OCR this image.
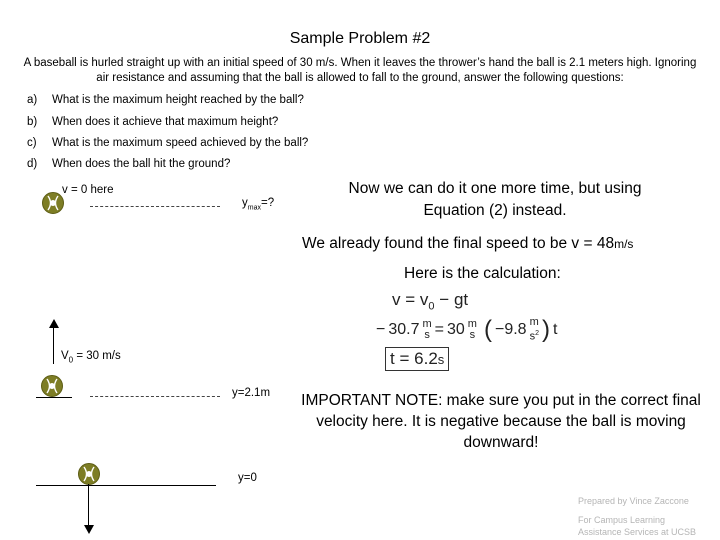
Sample Problem #2
A baseball is hurled straight up with an initial speed of 30 m/s. When it leaves the thrower’s hand the ball is 2.1 meters high. Ignoring air resistance and assuming that the ball is allowed to fall to the ground, answer the following questions:
a) What is the maximum height reached by the ball?
b) When does it achieve that maximum height?
c) What is the maximum speed achieved by the ball?
d) When does the ball hit the ground?
v = 0 here
$y_{max}=$?
$V_0 = 30$ m/s
y=2.1m
y=0
Now we can do it one more time, but using
Equation (2) instead.
We already found the final speed to be v = 48m/s
Here is the calculation:
$v = v_0$ − gt
− 30.7 m
s = 30 m
s ( −9.8 m
$s^2$ ) t
t = 6.2s
IMPORTANT NOTE: make sure you put in the correct final velocity here. It is negative because the ball is moving downward!
Prepared by Vince Zaccone
For Campus Learning
Assistance Services at UCSB
